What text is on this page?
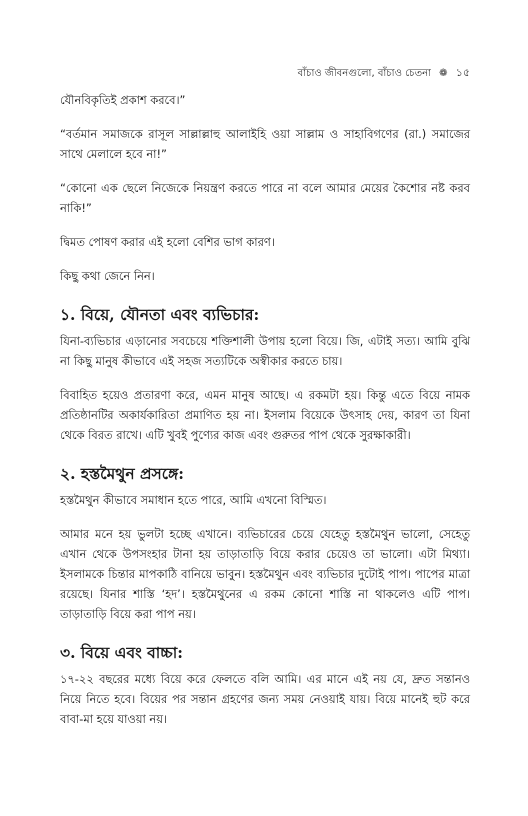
বাঁচাও জীবনগুলো, বাঁচাও চেতনা ❁ ১৫

যৌনবিকৃতিই প্রকাশ করবে।”

“বর্তমান সমাজকে রাসূল সাল্লাল্লাহু আলাইহি ওয়া সাল্লাম ও সাহাবিগণের (রা.) সমাজের সাথে মেলালে হবে না!”

“কোনো এক ছেলে নিজেকে নিয়ন্ত্রণ করতে পারে না বলে আমার মেয়ের কৈশোর নষ্ট করব নাকি!”

দ্বিমত পোষণ করার এই হলো বেশির ভাগ কারণ।

কিছু কথা জেনে নিন।

১. বিয়ে, যৌনতা এবং ব্যভিচার:

যিনা-ব্যভিচার এড়ানোর সবচেয়ে শক্তিশালী উপায় হলো বিয়ে। জি, এটাই সত্য। আমি বুঝি না কিছু মানুষ কীভাবে এই সহজ সত্যটিকে অস্বীকার করতে চায়।

বিবাহিত হয়েও প্রতারণা করে, এমন মানুষ আছে। এ রকমটা হয়। কিন্তু এতে বিয়ে নামক প্রতিষ্ঠানটির অকার্যকারিতা প্রমাণিত হয় না। ইসলাম বিয়েকে উৎসাহ দেয়, কারণ তা যিনা থেকে বিরত রাখে। এটি খুবই পুণ্যের কাজ এবং গুরুতর পাপ থেকে সুরক্ষাকারী।

২. হস্তমৈথুন প্রসঙ্গে:

হস্তমৈথুন কীভাবে সমাধান হতে পারে, আমি এখনো বিস্মিত।

আমার মনে হয় ভুলটা হচ্ছে এখানে। ব্যভিচারের চেয়ে যেহেতু হস্তমৈথুন ভালো, সেহেতু এখান থেকে উপসংহার টানা হয় তাড়াতাড়ি বিয়ে করার চেয়েও তা ভালো। এটা মিথ্যা। ইসলামকে চিন্তার মাপকাঠি বানিয়ে ভাবুন। হস্তমৈথুন এবং ব্যভিচার দুটোই পাপ। পাপের মাত্রা রয়েছে। যিনার শাস্তি ‘হদ’। হস্তমৈথুনের এ রকম কোনো শাস্তি না থাকলেও এটি পাপ। তাড়াতাড়ি বিয়ে করা পাপ নয়।

৩. বিয়ে এবং বাচ্চা:

১৭-২২ বছরের মধ্যে বিয়ে করে ফেলতে বলি আমি। এর মানে এই নয় যে, দ্রুত সন্তানও নিয়ে নিতে হবে। বিয়ের পর সন্তান গ্রহণের জন্য সময় নেওয়াই যায়। বিয়ে মানেই হুট করে বাবা-মা হয়ে যাওয়া নয়।
